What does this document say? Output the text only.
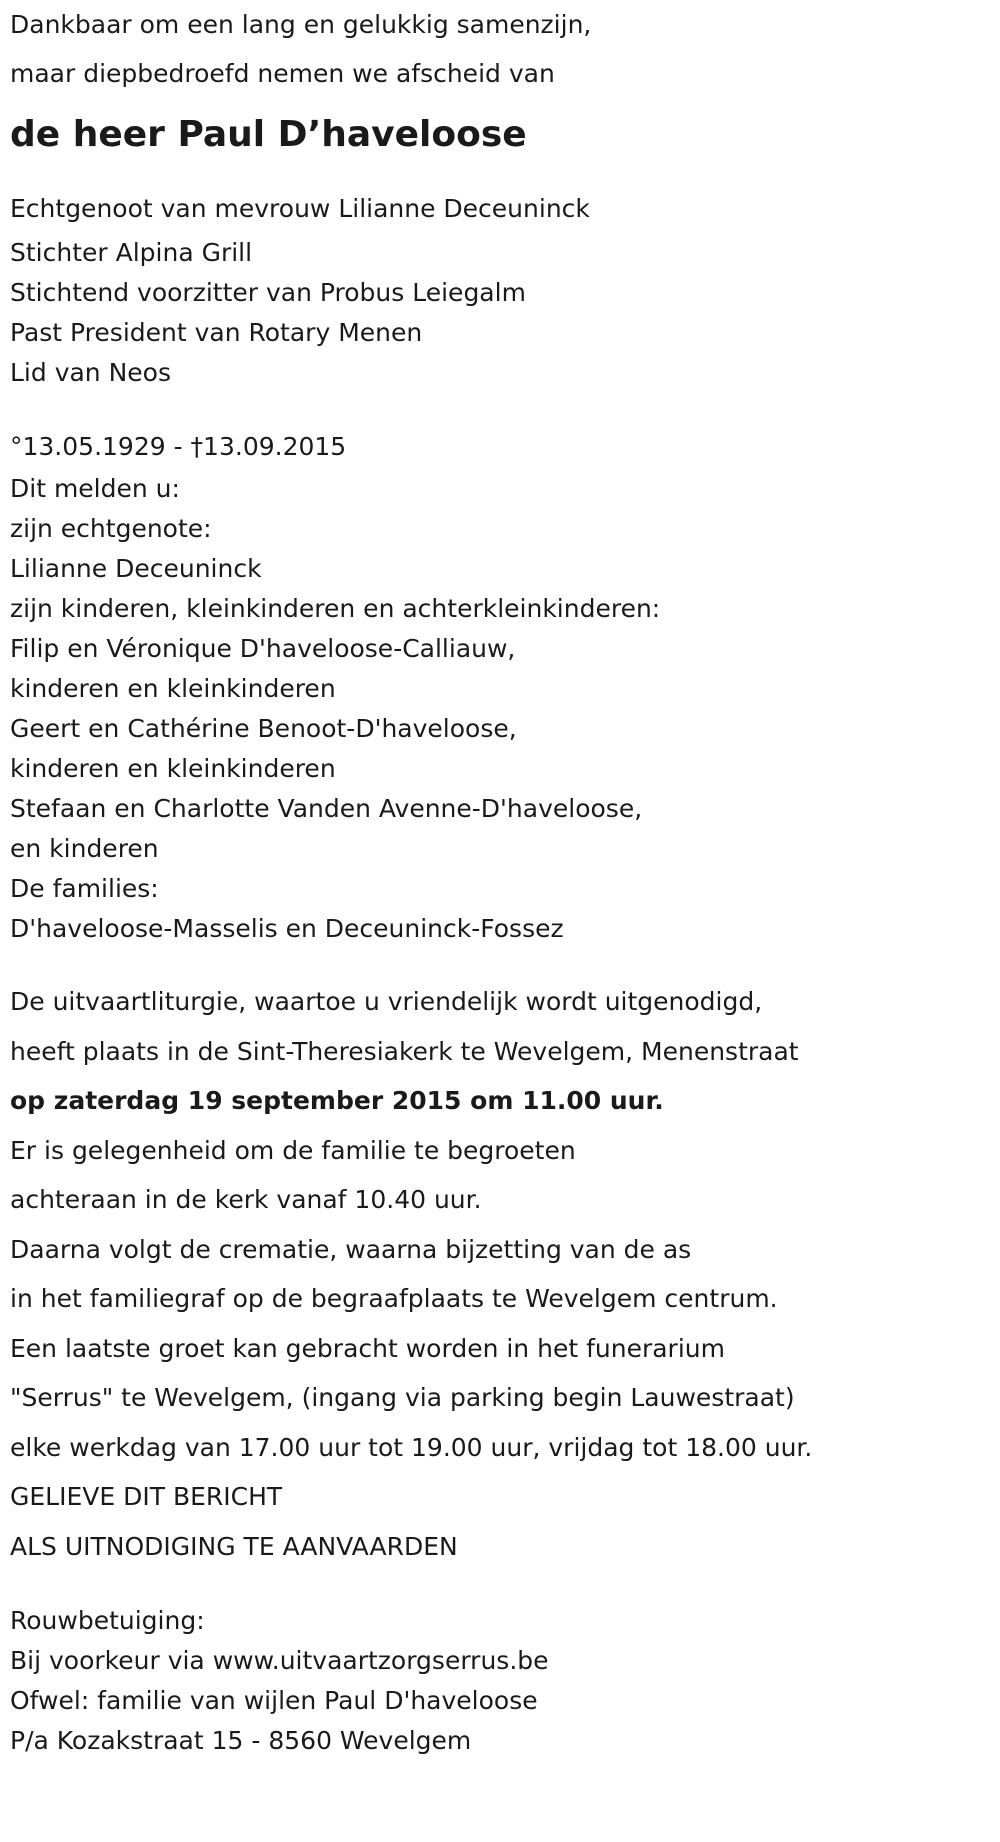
Dankbaar om een lang en gelukkig samenzijn,
maar diepbedroefd nemen we afscheid van
de heer Paul D’haveloose
Echtgenoot van mevrouw Lilianne Deceuninck
Stichter Alpina Grill
Stichtend voorzitter van Probus Leiegalm
Past President van Rotary Menen
Lid van Neos
°13.05.1929 - †13.09.2015
Dit melden u:
zijn echtgenote:
Lilianne Deceuninck
zijn kinderen, kleinkinderen en achterkleinkinderen:
Filip en Véronique D'haveloose-Calliauw,
kinderen en kleinkinderen
Geert en Cathérine Benoot-D'haveloose,
kinderen en kleinkinderen
Stefaan en Charlotte Vanden Avenne-D'haveloose,
en kinderen
De families:
D'haveloose-Masselis en Deceuninck-Fossez
De uitvaartliturgie, waartoe u vriendelijk wordt uitgenodigd,
heeft plaats in de Sint-Theresiakerk te Wevelgem, Menenstraat
op zaterdag 19 september 2015 om 11.00 uur.
Er is gelegenheid om de familie te begroeten
achteraan in de kerk vanaf 10.40 uur.
Daarna volgt de crematie, waarna bijzetting van de as
in het familiegraf op de begraafplaats te Wevelgem centrum.
Een laatste groet kan gebracht worden in het funerarium
"Serrus" te Wevelgem, (ingang via parking begin Lauwestraat)
elke werkdag van 17.00 uur tot 19.00 uur, vrijdag tot 18.00 uur.
GELIEVE DIT BERICHT
ALS UITNODIGING TE AANVAARDEN
Rouwbetuiging:
Bij voorkeur via www.uitvaartzorgserrus.be
Ofwel: familie van wijlen Paul D'haveloose
P/a Kozakstraat 15 - 8560 Wevelgem
